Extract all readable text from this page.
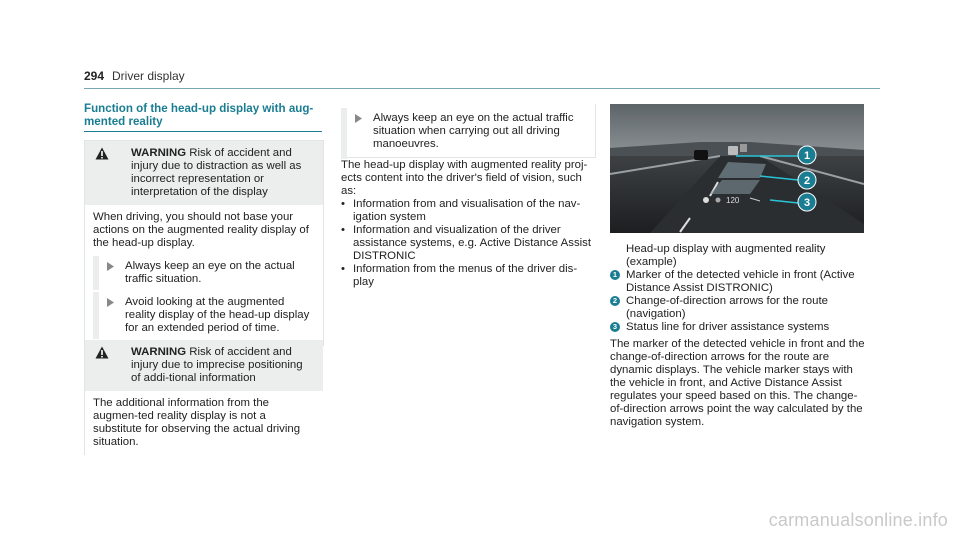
294 Driver display
Function of the head-up display with aug-mented reality
WARNING Risk of accident and injury due to distraction as well as incorrect representation or interpretation of the display
When driving, you should not base your actions on the augmented reality display of the head-up display.
Always keep an eye on the actual traffic situation.
Avoid looking at the augmented reality display of the head-up display for an extended period of time.
WARNING Risk of accident and injury due to imprecise positioning of addi-tional information
The additional information from the augmen-ted reality display is not a substitute for observing the actual driving situation.
Always keep an eye on the actual traffic situation when carrying out all driving manoeuvres.
The head-up display with augmented reality proj-ects content into the driver's field of vision, such as:
• Information from and visualisation of the nav-igation system
• Information and visualization of the driver assistance systems, e.g. Active Distance Assist DISTRONIC
• Information from the menus of the driver dis-play
1
2
3
120
Head-up display with augmented reality (example)
1 Marker of the detected vehicle in front (Active Distance Assist DISTRONIC)
2 Change-of-direction arrows for the route (navigation)
3 Status line for driver assistance systems
The marker of the detected vehicle in front and the change-of-direction arrows for the route are dynamic displays. The vehicle marker stays with the vehicle in front, and Active Distance Assist regulates your speed based on this. The change-of-direction arrows point the way calculated by the navigation system.
carmanualsonline.info
